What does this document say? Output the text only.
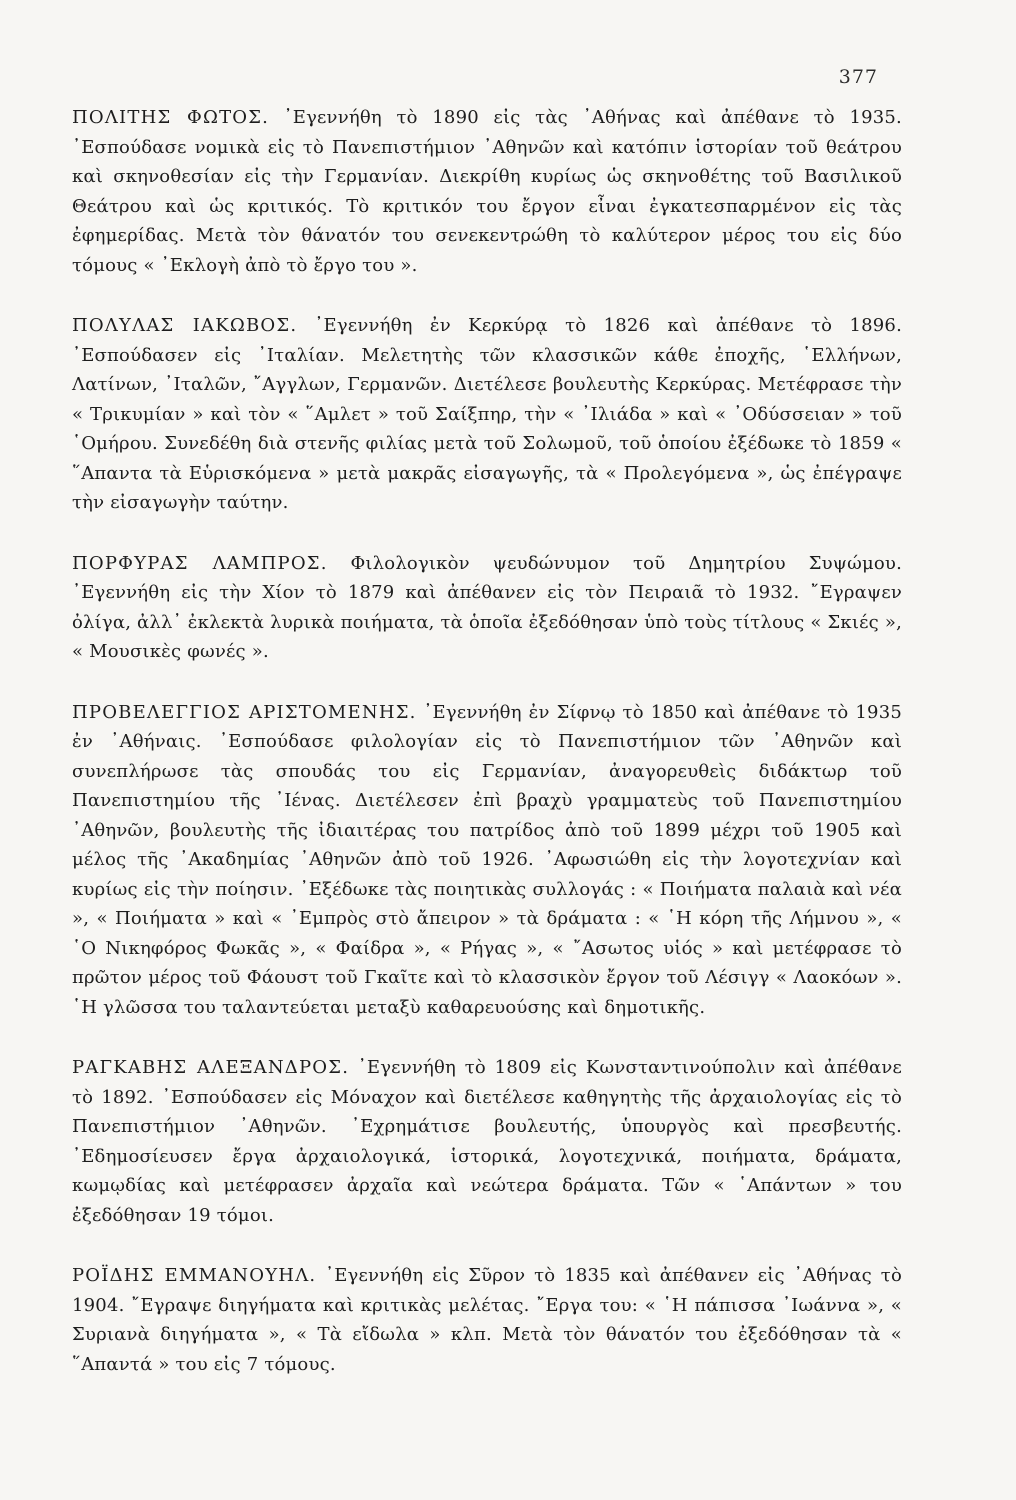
377

ΠΟΛΙΤΗΣ ΦΩΤΟΣ. ᾿Εγεννήθη τὸ 1890 εἰς τὰς ᾿Αθήνας καὶ ἀπέθανε τὸ 1935. ᾿Εσπούδασε νομικὰ εἰς τὸ Πανεπιστήμιον ᾿Αθηνῶν καὶ κατόπιν ἱστορίαν τοῦ θεάτρου καὶ σκηνοθεσίαν εἰς τὴν Γερμανίαν. Διεκρίθη κυρίως ὡς σκηνοθέτης τοῦ Βασιλικοῦ Θεάτρου καὶ ὡς κριτικός. Τὸ κριτικόν του ἔργον εἶναι ἐγκατεσπαρμένον εἰς τὰς ἐφημερίδας. Μετὰ τὸν θάνατόν του σενεκεντρώθη τὸ καλύτερον μέρος του εἰς δύο τόμους « ᾿Εκλογὴ ἀπὸ τὸ ἔργο του ».

ΠΟΛΥΛΑΣ ΙΑΚΩΒΟΣ. ᾿Εγεννήθη ἐν Κερκύρᾳ τὸ 1826 καὶ ἀπέθανε τὸ 1896. ᾿Εσπούδασεν εἰς ᾿Ιταλίαν. Μελετητὴς τῶν κλασσικῶν κάθε ἐποχῆς, ῾Ελλήνων, Λατίνων, ᾿Ιταλῶν, ῎Αγγλων, Γερμανῶν. Διετέλεσε βουλευτὴς Κερκύρας. Μετέφρασε τὴν « Τρικυμίαν » καὶ τὸν « ῞Αμλετ » τοῦ Σαίξπηρ, τὴν « ᾿Ιλιάδα » καὶ « ᾿Οδύσσειαν » τοῦ ῾Ομήρου. Συνεδέθη διὰ στενῆς φιλίας μετὰ τοῦ Σολωμοῦ, τοῦ ὁποίου ἐξέδωκε τὸ 1859 « ῞Απαντα τὰ Εὑρισκόμενα » μετὰ μακρᾶς εἰσαγωγῆς, τὰ « Προλεγόμενα », ὡς ἐπέγραψε τὴν εἰσαγωγὴν ταύτην.

ΠΟΡΦΥΡΑΣ ΛΑΜΠΡΟΣ. Φιλολογικὸν ψευδώνυμον τοῦ Δημητρίου Συψώμου. ᾿Εγεννήθη εἰς τὴν Χίον τὸ 1879 καὶ ἀπέθανεν εἰς τὸν Πειραιᾶ τὸ 1932. ῎Εγραψεν ὀλίγα, ἀλλ᾿ ἐκλεκτὰ λυρικὰ ποιήματα, τὰ ὁποῖα ἐξεδόθησαν ὑπὸ τοὺς τίτλους « Σκιές », « Μουσικὲς φωνές ».

ΠΡΟΒΕΛΕΓΓΙΟΣ ΑΡΙΣΤΟΜΕΝΗΣ. ᾿Εγεννήθη ἐν Σίφνῳ τὸ 1850 καὶ ἀπέθανε τὸ 1935 ἐν ᾿Αθήναις. ᾿Εσπούδασε φιλολογίαν εἰς τὸ Πανεπιστήμιον τῶν ᾿Αθηνῶν καὶ συνεπλήρωσε τὰς σπουδάς του εἰς Γερμανίαν, ἀναγορευθεὶς διδάκτωρ τοῦ Πανεπιστημίου τῆς ᾿Ιένας. Διετέλεσεν ἐπὶ βραχὺ γραμματεὺς τοῦ Πανεπιστημίου ᾿Αθηνῶν, βουλευτὴς τῆς ἰδιαιτέρας του πατρίδος ἀπὸ τοῦ 1899 μέχρι τοῦ 1905 καὶ μέλος τῆς ᾿Ακαδημίας ᾿Αθηνῶν ἀπὸ τοῦ 1926. ᾿Αφωσιώθη εἰς τὴν λογοτεχνίαν καὶ κυρίως εἰς τὴν ποίησιν. ᾿Εξέδωκε τὰς ποιητικὰς συλλογάς : « Ποιήματα παλαιὰ καὶ νέα », « Ποιήματα » καὶ « ᾿Εμπρὸς στὸ ἄπειρον » τὰ δράματα : « ῾Η κόρη τῆς Λήμνου », « ῾Ο Νικηφόρος Φωκᾶς », « Φαίδρα », « Ρήγας », « ῎Ασωτος υἱός » καὶ μετέφρασε τὸ πρῶτον μέρος τοῦ Φάουστ τοῦ Γκαῖτε καὶ τὸ κλασσικὸν ἔργον τοῦ Λέσιγγ « Λαοκόων ». ῾Η γλῶσσα του ταλαντεύεται μεταξὺ καθαρευούσης καὶ δημοτικῆς.

ΡΑΓΚΑΒΗΣ ΑΛΕΞΑΝΔΡΟΣ. ᾿Εγεννήθη τὸ 1809 εἰς Κωνσταντινούπολιν καὶ ἀπέθανε τὸ 1892. ᾿Εσπούδασεν εἰς Μόναχον καὶ διετέλεσε καθηγητὴς τῆς ἀρχαιολογίας εἰς τὸ Πανεπιστήμιον ᾿Αθηνῶν. ᾿Εχρημάτισε βουλευτής, ὑπουργὸς καὶ πρεσβευτής. ᾿Εδημοσίευσεν ἔργα ἀρχαιολογικά, ἱστορικά, λογοτεχνικά, ποιήματα, δράματα, κωμῳδίας καὶ μετέφρασεν ἀρχαῖα καὶ νεώτερα δράματα. Τῶν « ῾Απάντων » του ἐξεδόθησαν 19 τόμοι.

ΡΟΪΔΗΣ ΕΜΜΑΝΟΥΗΛ. ᾿Εγεννήθη εἰς Σῦρον τὸ 1835 καὶ ἀπέθανεν εἰς ᾿Αθήνας τὸ 1904. ῎Εγραψε διηγήματα καὶ κριτικὰς μελέτας. ῎Εργα του: « ῾Η πάπισσα ᾿Ιωάννα », « Συριανὰ διηγήματα », « Τὰ εἴδωλα » κλπ. Μετὰ τὸν θάνατόν του ἐξεδόθησαν τὰ « ῞Απαντά » του εἰς 7 τόμους.
